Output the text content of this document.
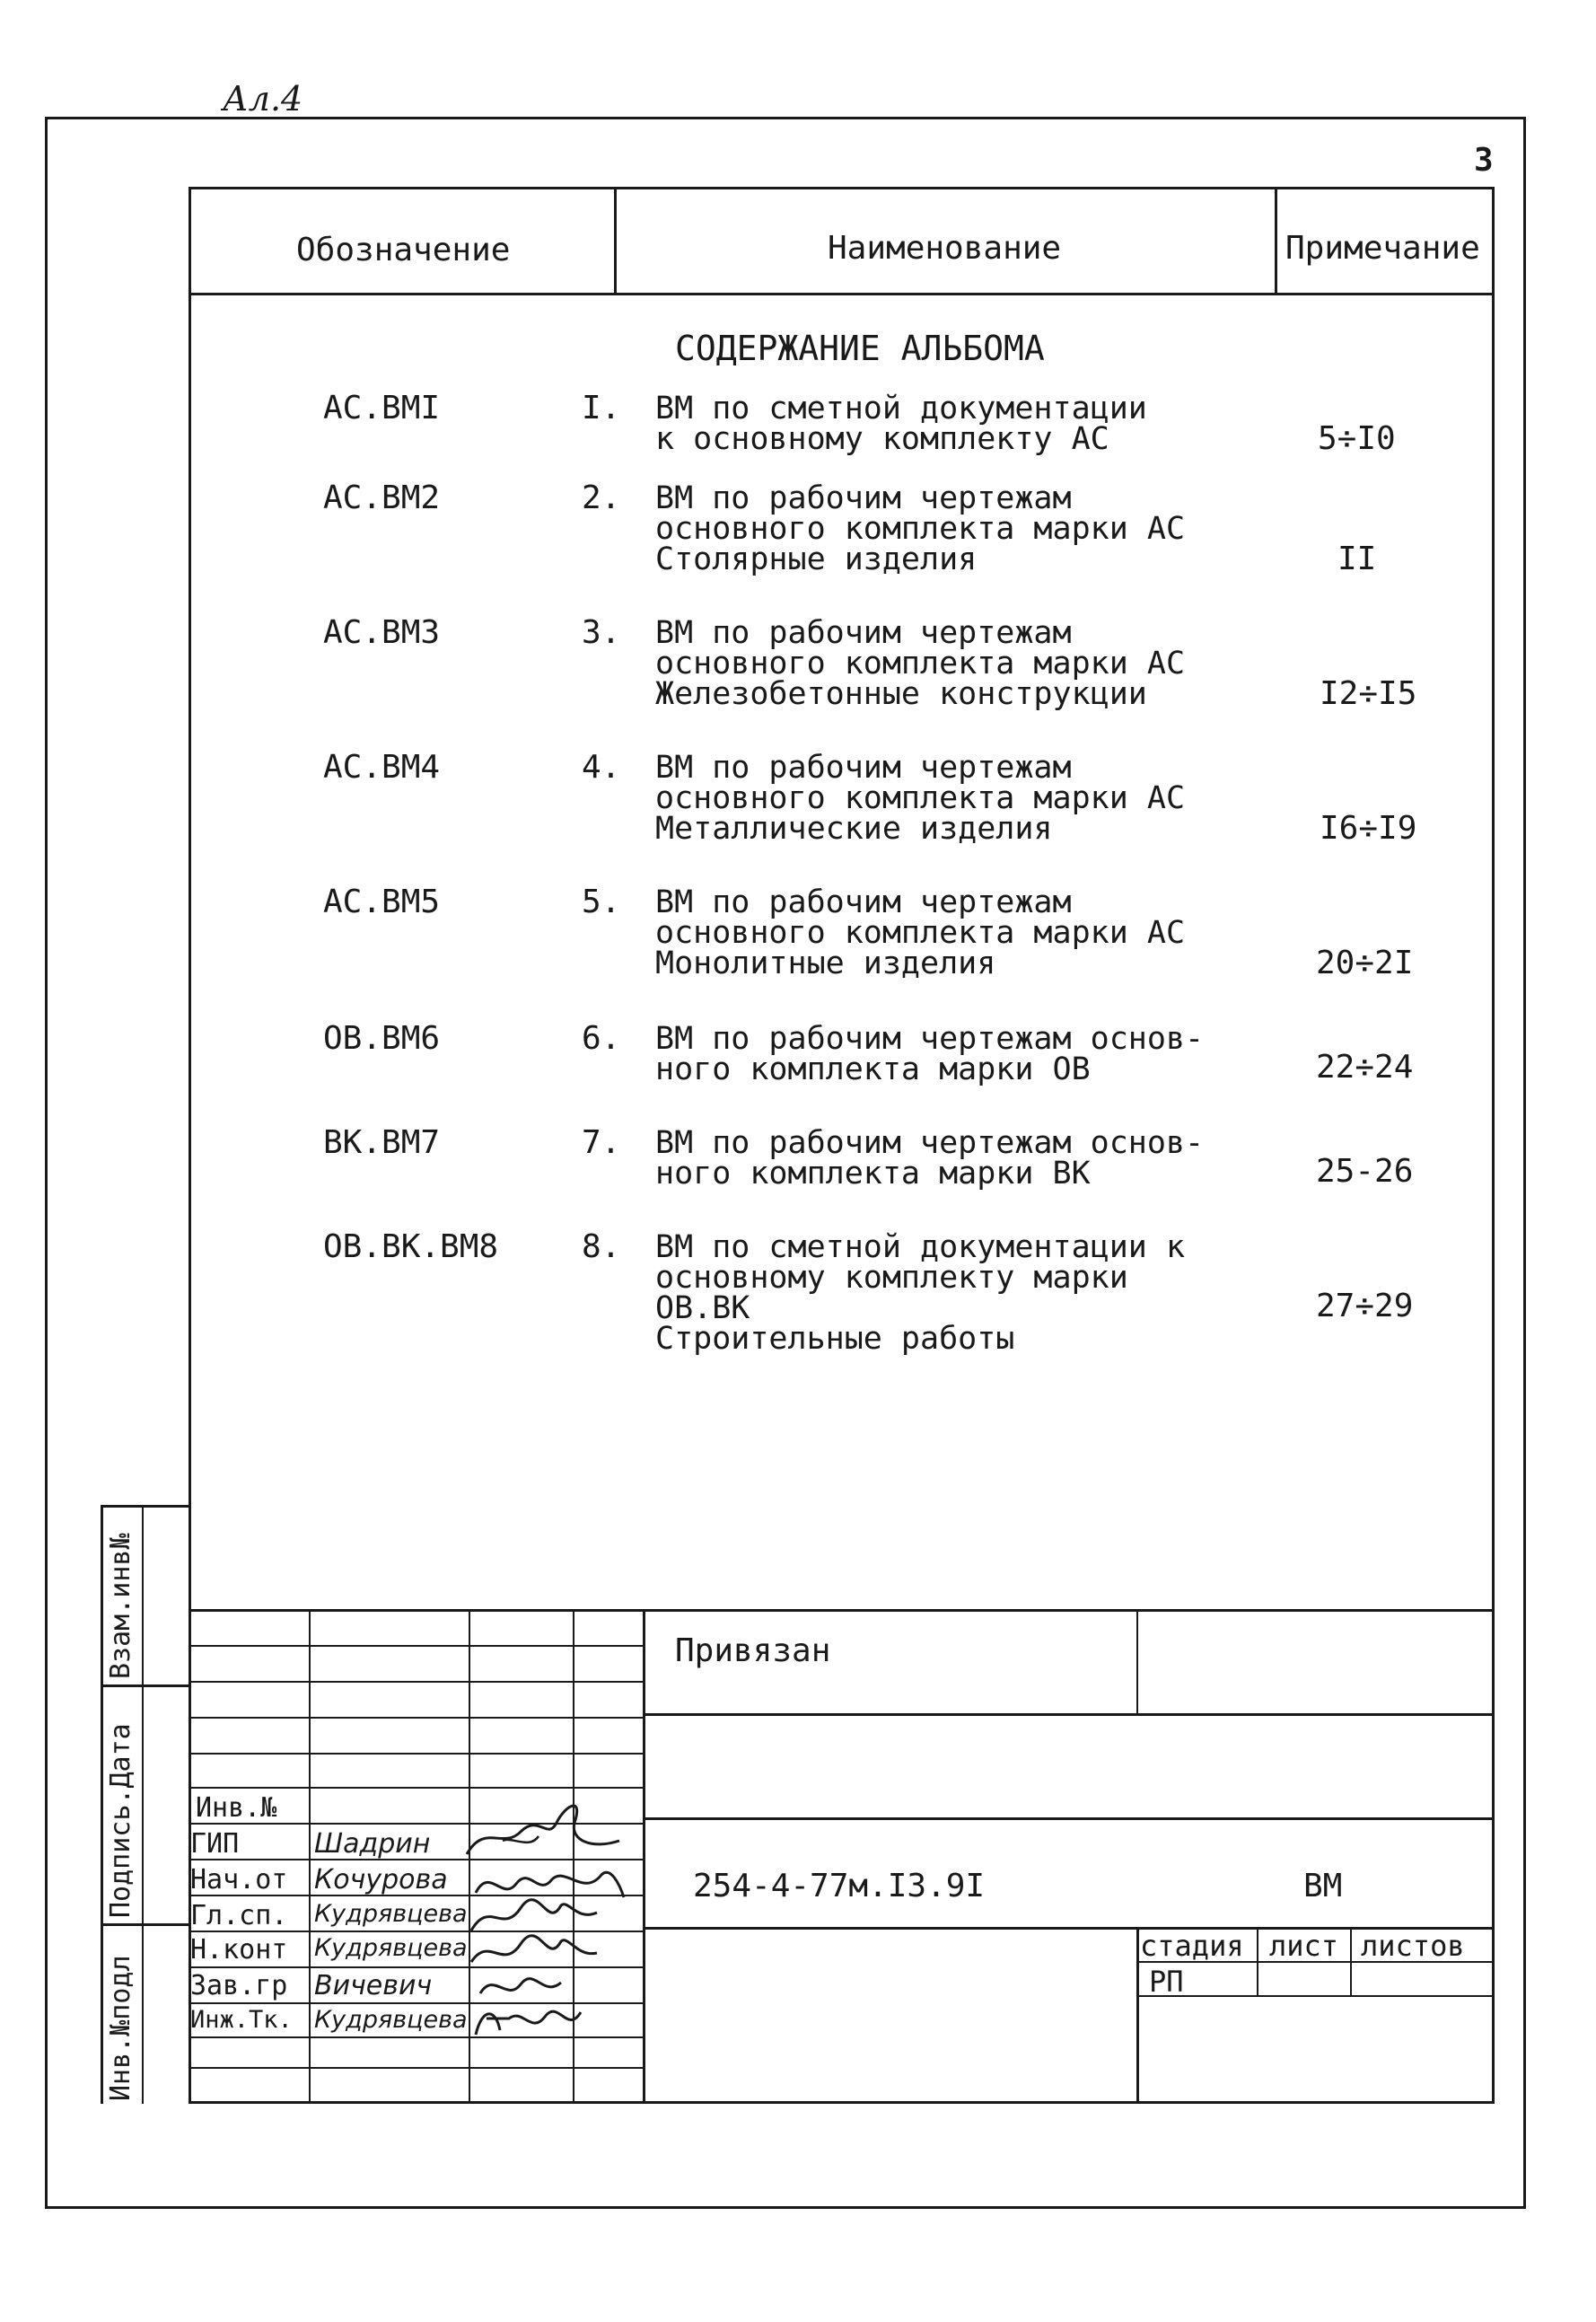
Ал.4
3
Обозначение	Наименование	Примечание
СОДЕРЖАНИЕ АЛЬБОМА
АС.ВМI	I. ВМ по сметной документации
к основному комплекту АС	5÷I0
АС.ВМ2	2. ВМ по рабочим чертежам
основного комплекта марки АС
Столярные изделия	II
АС.ВМ3	3. ВМ по рабочим чертежам
основного комплекта марки АС
Железобетонные конструкции	I2÷I5
АС.ВМ4	4. ВМ по рабочим чертежам
основного комплекта марки АС
Металлические изделия	I6÷I9
АС.ВМ5	5. ВМ по рабочим чертежам
основного комплекта марки АС
Монолитные изделия	20÷2I
ОВ.ВМ6	6. ВМ по рабочим чертежам основ-
ного комплекта марки ОВ	22÷24
ВК.ВМ7	7. ВМ по рабочим чертежам основ-
ного комплекта марки ВК	25-26
ОВ.ВК.ВМ8	8. ВМ по сметной документации к
основному комплекту марки
ОВ.ВК
Строительные работы
27÷29
Взам.инв№
Подпись.Дата
Инв.№подл
Привязан
254-4-77м.I3.9I	ВМ
стадия лист листов
РП
Инв.№
ГИП	Шадрин
Нач.от Кочурова
Гл.сп. Кудрявцева
Н.конт Кудрявцева
Зав.гр Вичевич
Инж.Тк. Кудрявцева
